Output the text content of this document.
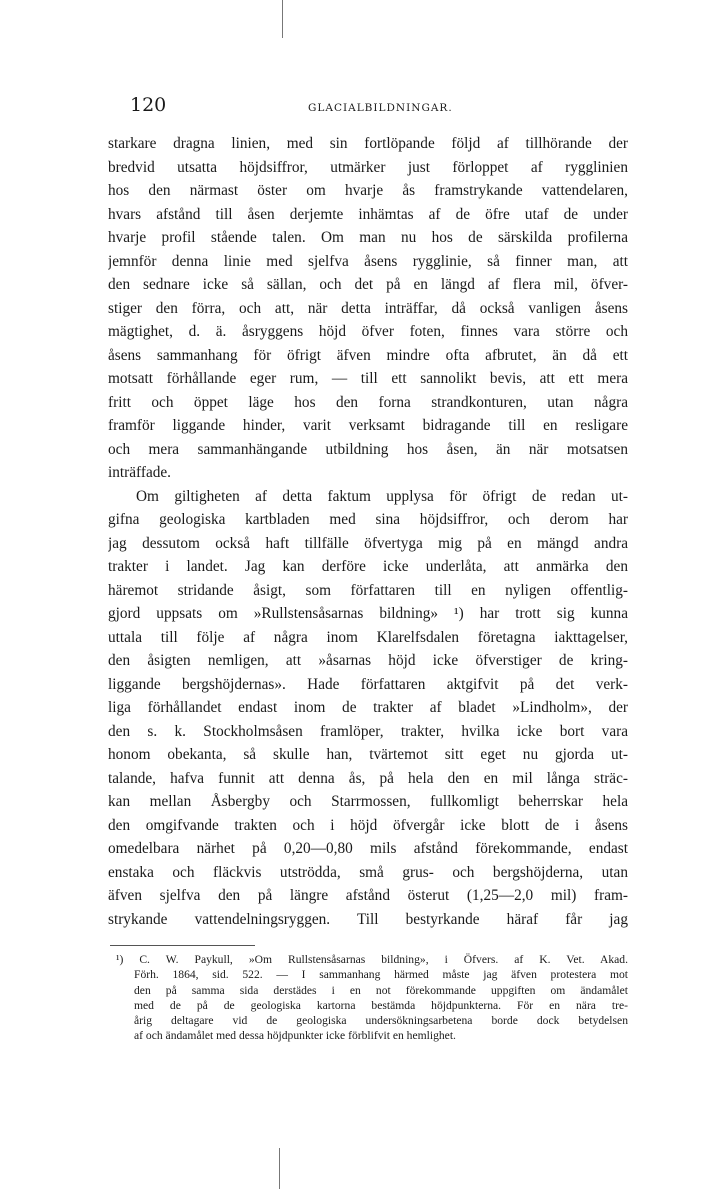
120	GLACIALBILDNINGAR.
starkare dragna linien, med sin fortlöpande följd af tillhörande der
bredvid utsatta höjdsiffror, utmärker just förloppet af rygglinien
hos den närmast öster om hvarje ås framstrykande vattendelaren,
hvars afstånd till åsen derjemte inhämtas af de öfre utaf de under
hvarje profil stående talen. Om man nu hos de särskilda profilerna
jemnför denna linie med sjelfva åsens rygglinie, så finner man, att
den sednare icke så sällan, och det på en längd af flera mil, öfver-
stiger den förra, och att, när detta inträffar, då också vanligen åsens
mägtighet, d. ä. åsryggens höjd öfver foten, finnes vara större och
åsens sammanhang för öfrigt äfven mindre ofta afbrutet, än då ett
motsatt förhållande eger rum, — till ett sannolikt bevis, att ett mera
fritt och öppet läge hos den forna strandkonturen, utan några
framför liggande hinder, varit verksamt bidragande till en resligare
och mera sammanhängande utbildning hos åsen, än när motsatsen
inträffade.
Om giltigheten af detta faktum upplysa för öfrigt de redan ut-
gifna geologiska kartbladen med sina höjdsiffror, och derom har
jag dessutom också haft tillfälle öfvertyga mig på en mängd andra
trakter i landet. Jag kan derföre icke underlåta, att anmärka den
häremot stridande åsigt, som författaren till en nyligen offentlig-
gjord uppsats om »Rullstensåsarnas bildning» ¹) har trott sig kunna
uttala till följe af några inom Klarelfsdalen företagna iakttagelser,
den åsigten nemligen, att »åsarnas höjd icke öfverstiger de kring-
liggande bergshöjdernas». Hade författaren aktgifvit på det verk-
liga förhållandet endast inom de trakter af bladet »Lindholm», der
den s. k. Stockholmsåsen framlöper, trakter, hvilka icke bort vara
honom obekanta, så skulle han, tvärtemot sitt eget nu gjorda ut-
talande, hafva funnit att denna ås, på hela den en mil långa sträc-
kan mellan Åsbergby och Starrmossen, fullkomligt beherrskar hela
den omgifvande trakten och i höjd öfvergår icke blott de i åsens
omedelbara närhet på 0,20—0,80 mils afstånd förekommande, endast
enstaka och fläckvis utströdda, små grus- och bergshöjderna, utan
äfven sjelfva den på längre afstånd österut (1,25—2,0 mil) fram-
strykande vattendelningsryggen. Till bestyrkande häraf får jag
¹) C. W. Paykull, »Om Rullstensåsarnas bildning», i Öfvers. af K. Vet. Akad.
Förh. 1864, sid. 522. — I sammanhang härmed måste jag äfven protestera mot
den på samma sida derstädes i en not förekommande uppgiften om ändamålet
med de på de geologiska kartorna bestämda höjdpunkterna. För en nära tre-
årig deltagare vid de geologiska undersökningsarbetena borde dock betydelsen
af och ändamålet med dessa höjdpunkter icke förblifvit en hemlighet.
